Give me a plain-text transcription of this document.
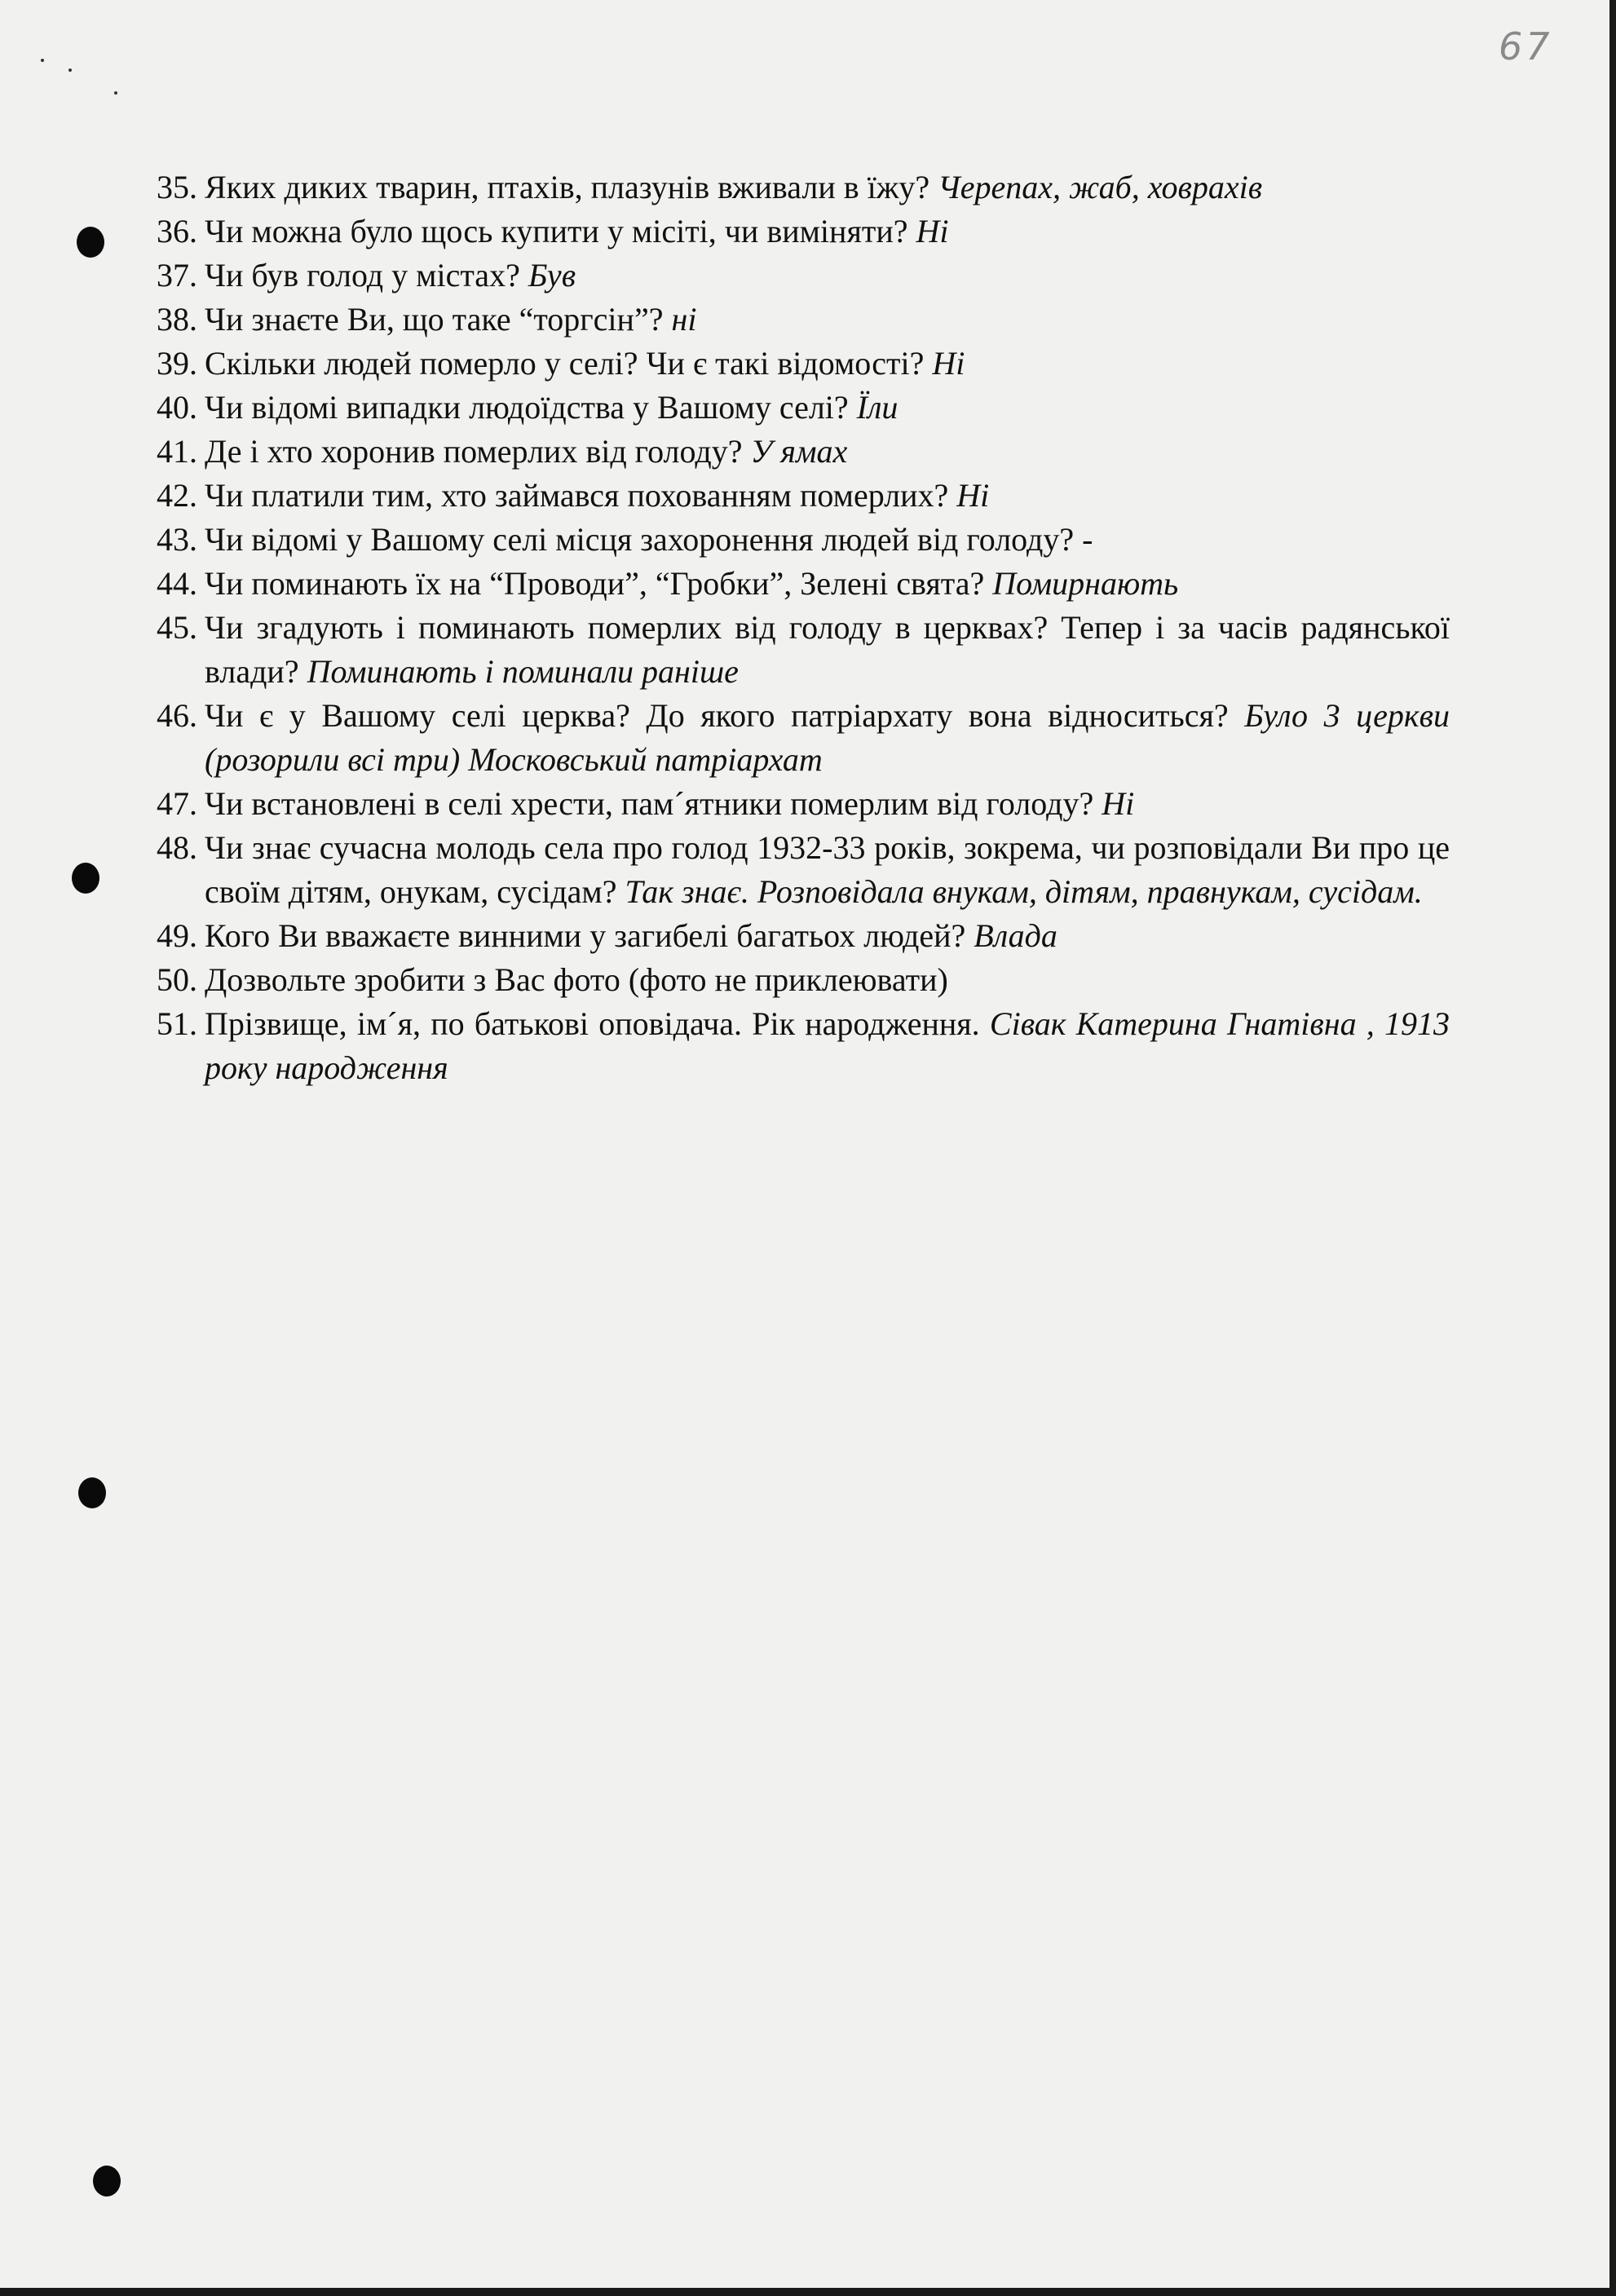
67
35. Яких диких тварин, птахів, плазунів вживали в їжу? Черепах, жаб, ховрахів
36. Чи можна було щось купити у місіті, чи виміняти? Ні
37. Чи був голод у містах? Був
38. Чи знаєте Ви, що таке “торгсін”? ні
39. Скільки людей померло у селі? Чи є такі відомості? Ні
40. Чи відомі випадки людоїдства у Вашому селі? Їли
41. Де і хто хоронив померлих від голоду? У ямах
42. Чи платили тим, хто займався похованням померлих? Ні
43. Чи відомі у Вашому селі місця захоронення людей від голоду? -
44. Чи поминають їх на “Проводи”, “Гробки”, Зелені свята? Помирнають
45. Чи згадують і поминають померлих від голоду в церквах? Тепер і за часів радянської влади? Поминають і поминали раніше
46. Чи є у Вашому селі церква? До якого патріархату вона відноситься? Було 3 церкви (розорили всі три) Московський патріархат
47. Чи встановлені в селі хрести, пам´ятники померлим від голоду? Ні
48. Чи знає сучасна молодь села про голод 1932-33 років, зокрема, чи розповідали Ви про це своїм дітям, онукам, сусідам? Так знає. Розповідала внукам, дітям, правнукам, сусідам.
49. Кого Ви вважаєте винними у загибелі багатьох людей? Влада
50. Дозвольте зробити з Вас фото (фото не приклеювати)
51. Прізвище, ім´я, по батькові оповідача. Рік народження. Сівак Катерина Гнатівна , 1913 року народження
